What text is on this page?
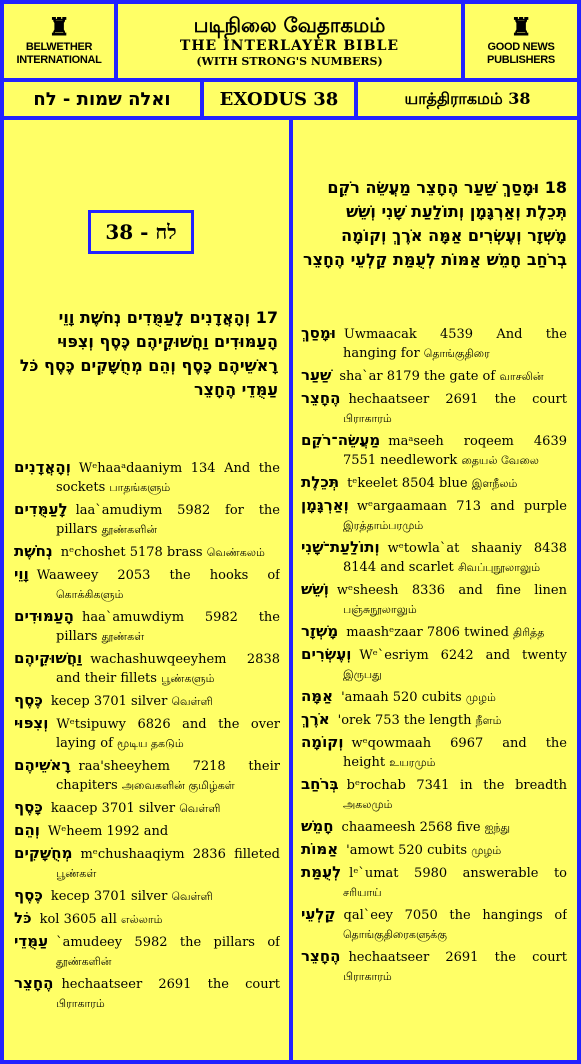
♜
BELWETHER
INTERNATIONAL
படிநிலை வேதாகமம்
THE INTERLAYER BIBLE
(WITH STRONG'S NUMBERS)
♜
GOOD NEWS
PUBLISHERS
ואלה שמות - לח	EXODUS 38	யாத்திராகமம் 38
לח - 38
17 וְהָאֲדָנִים לָעַמֻּדִים נְחֹשֶׁת וָוֵי הָעַמּוּדִים וַחֲשׁוּקֵיהֶם כֶּסֶף וְצִפּוּי רָאשֵׁיהֶם כָּסֶף וְהֵם מְחֻשָּׁקִים כֶּסֶף כֹּל עַמֻּדֵי הֶחָצֵר
וְהָאֲדָנִים Wᵉhaaᵃdaaniym 134 And the sockets பாதங்களும்
לָעַמֻּדִים laa`amudiym 5982 for the pillars தூண்களின்
נְחֹשֶׁת nᵉchoshet 5178 brass வெண்கலம்
וָוֵי Waaweey 2053 the hooks of கொக்கிகளும்
הָעַמּוּדִים haa`amuwdiym 5982 the pillars தூண்கள்
וַחֲשׁוּקֵיהֶם wachashuwqeeyhem 2838 and their fillets பூண்களும்
כֶּסֶף kecep 3701 silver வெள்ளி
וְצִפּוּי Wᵉtsipuwy 6826 and the over laying of மூடிய தகடும்
רָאשֵׁיהֶם raa'sheeyhem 7218 their chapiters அவைகளின் குமிழ்கள்
כָּסֶף kaacep 3701 silver வெள்ளி
וְהֵם Wᵉheem 1992 and
מְחֻשָּׁקִים mᵉchushaaqiym 2836 filleted பூண்கள்
כֶּסֶף kecep 3701 silver வெள்ளி
כֹּל kol 3605 all எல்லாம்
עַמֻּדֵי `amudeey 5982 the pillars of தூண்களின்
הֶחָצֵר hechaatseer 2691 the court பிராகாரம்
18 וּמָסַךְ שַׁעַר הֶחָצֵר מַעֲשֵׂה רֹקֵם תְּכֵלֶת וְאַרְגָּמָן וְתוֹלַעַת שָׁנִי וְשֵׁשׁ מָשְׁזָר וְעֶשְׂרִים אַמָּה אֹרֶךְ וְקוֹמָה בְרֹחַב חָמֵשׁ אַמּוֹת לְעֻמַּת קַלְעֵי הֶחָצֵר
וּמָסַךְ Uwmaacak 4539 And the hanging for தொங்குதிரை
שַׁעַר sha`ar 8179 the gate of வாசலின்
הֶחָצֵר hechaatseer 2691 the court பிராகாரம்
מַעֲשֵׂה־רֹקֵם maᵃseeh roqeem 4639 7551 needlework தையல் வேலை
תְּכֵלֶת tᵉkeelet 8504 blue இளநீலம்
וְאַרְגָּמָן wᵉargaamaan 713 and purple இரத்தாம்பரமும்
וְתוֹלַעַת־שָׁנִי wᵉtowla`at shaaniy 8438 8144 and scarlet சிவப்புநூலாலும்
וְשֵׁשׁ wᵉsheesh 8336 and fine linen பஞ்சுநூலாலும்
מָשְׁזָר maashᵉzaar 7806 twined திரித்த
וְעֶשְׂרִים Wᵉ`esriym 6242 and twenty இருபது
אַמָּה 'amaah 520 cubits முழம்
אֹרֶךְ 'orek 753 the length நீளம்
וְקוֹמָה wᵉqowmaah 6967 and the height உயரமும்
בְּרֹחַב bᵉrochab 7341 in the breadth அகலமும்
חָמֵשׁ chaameesh 2568 five ஐந்து
אַמּוֹת 'amowt 520 cubits முழம்
לְעֻמַּת lᵉ`umat 5980 answerable to சரியாய்
קַלְעֵי qal`eey 7050 the hangings of தொங்குதிரைகளுக்கு
הֶחָצֵר hechaatseer 2691 the court பிராகாரம்
